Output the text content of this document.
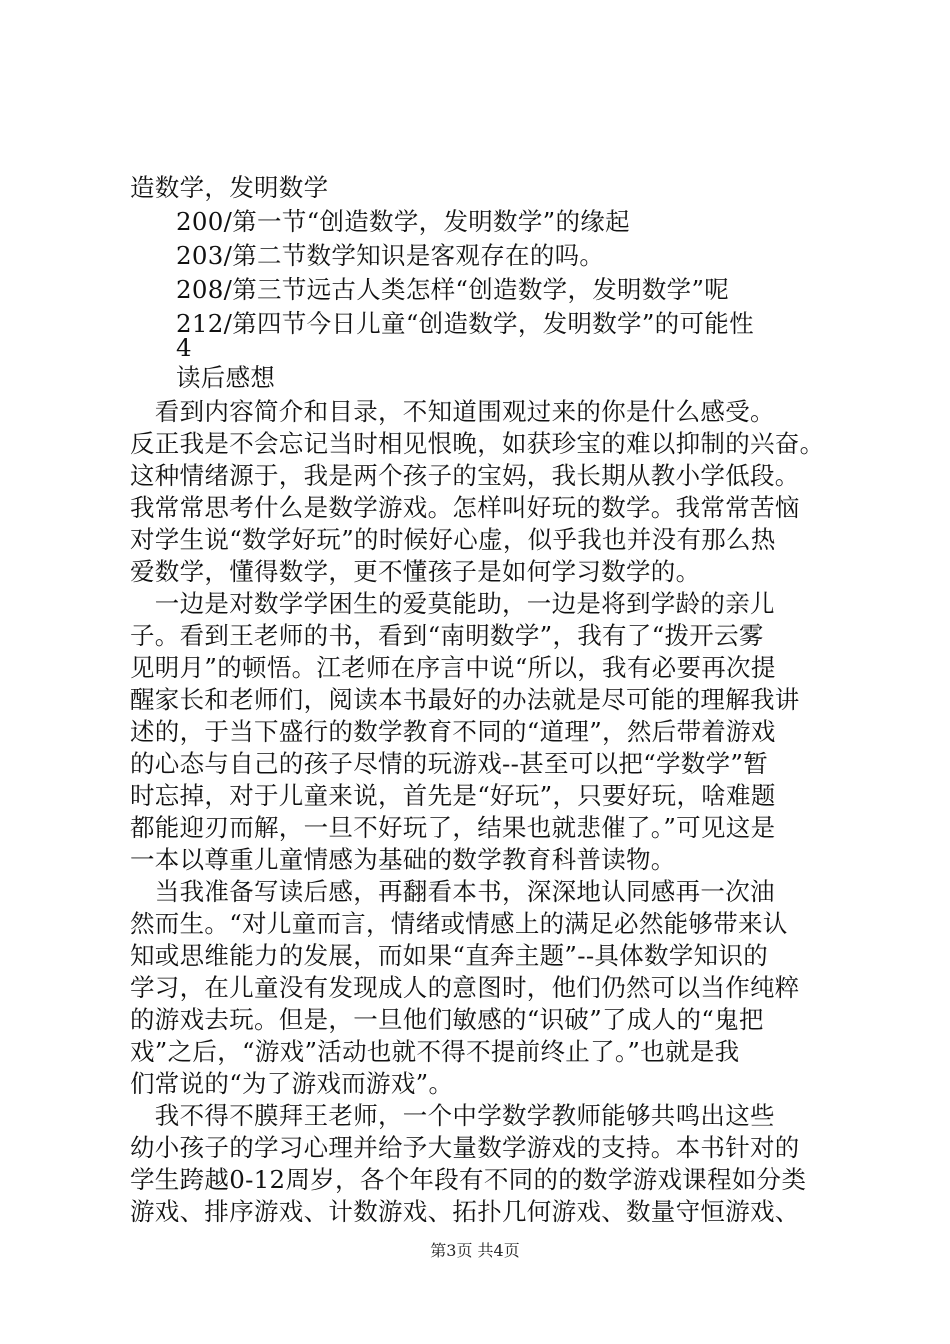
造数学，发明数学
200/第一节“创造数学，发明数学”的缘起
203/第二节数学知识是客观存在的吗。
208/第三节远古人类怎样“创造数学，发明数学”呢
212/第四节今日儿童“创造数学，发明数学”的可能性
4
读后感想
　看到内容简介和目录，不知道围观过来的你是什么感受。
反正我是不会忘记当时相见恨晚，如获珍宝的难以抑制的兴奋。
这种情绪源于，我是两个孩子的宝妈，我长期从教小学低段。
我常常思考什么是数学游戏。怎样叫好玩的数学。我常常苦恼
对学生说“数学好玩”的时候好心虚，似乎我也并没有那么热
爱数学，懂得数学，更不懂孩子是如何学习数学的。
　一边是对数学学困生的爱莫能助，一边是将到学龄的亲儿
子。看到王老师的书，看到“南明数学”，我有了“拨开云雾
见明月”的顿悟。江老师在序言中说“所以，我有必要再次提
醒家长和老师们，阅读本书最好的办法就是尽可能的理解我讲
述的，于当下盛行的数学教育不同的“道理”，然后带着游戏
的心态与自己的孩子尽情的玩游戏--甚至可以把“学数学”暂
时忘掉，对于儿童来说，首先是“好玩”，只要好玩，啥难题
都能迎刃而解，一旦不好玩了，结果也就悲催了。”可见这是
一本以尊重儿童情感为基础的数学教育科普读物。
　当我准备写读后感，再翻看本书，深深地认同感再一次油
然而生。“对儿童而言，情绪或情感上的满足必然能够带来认
知或思维能力的发展，而如果“直奔主题”--具体数学知识的
学习，在儿童没有发现成人的意图时，他们仍然可以当作纯粹
的游戏去玩。但是，一旦他们敏感的“识破”了成人的“鬼把
戏”之后，“游戏”活动也就不得不提前终止了。”也就是我
们常说的“为了游戏而游戏”。
　我不得不膜拜王老师，一个中学数学教师能够共鸣出这些
幼小孩子的学习心理并给予大量数学游戏的支持。本书针对的
学生跨越0-12周岁，各个年段有不同的的数学游戏课程如分类
游戏、排序游戏、计数游戏、拓扑几何游戏、数量守恒游戏、
第3页 共4页
